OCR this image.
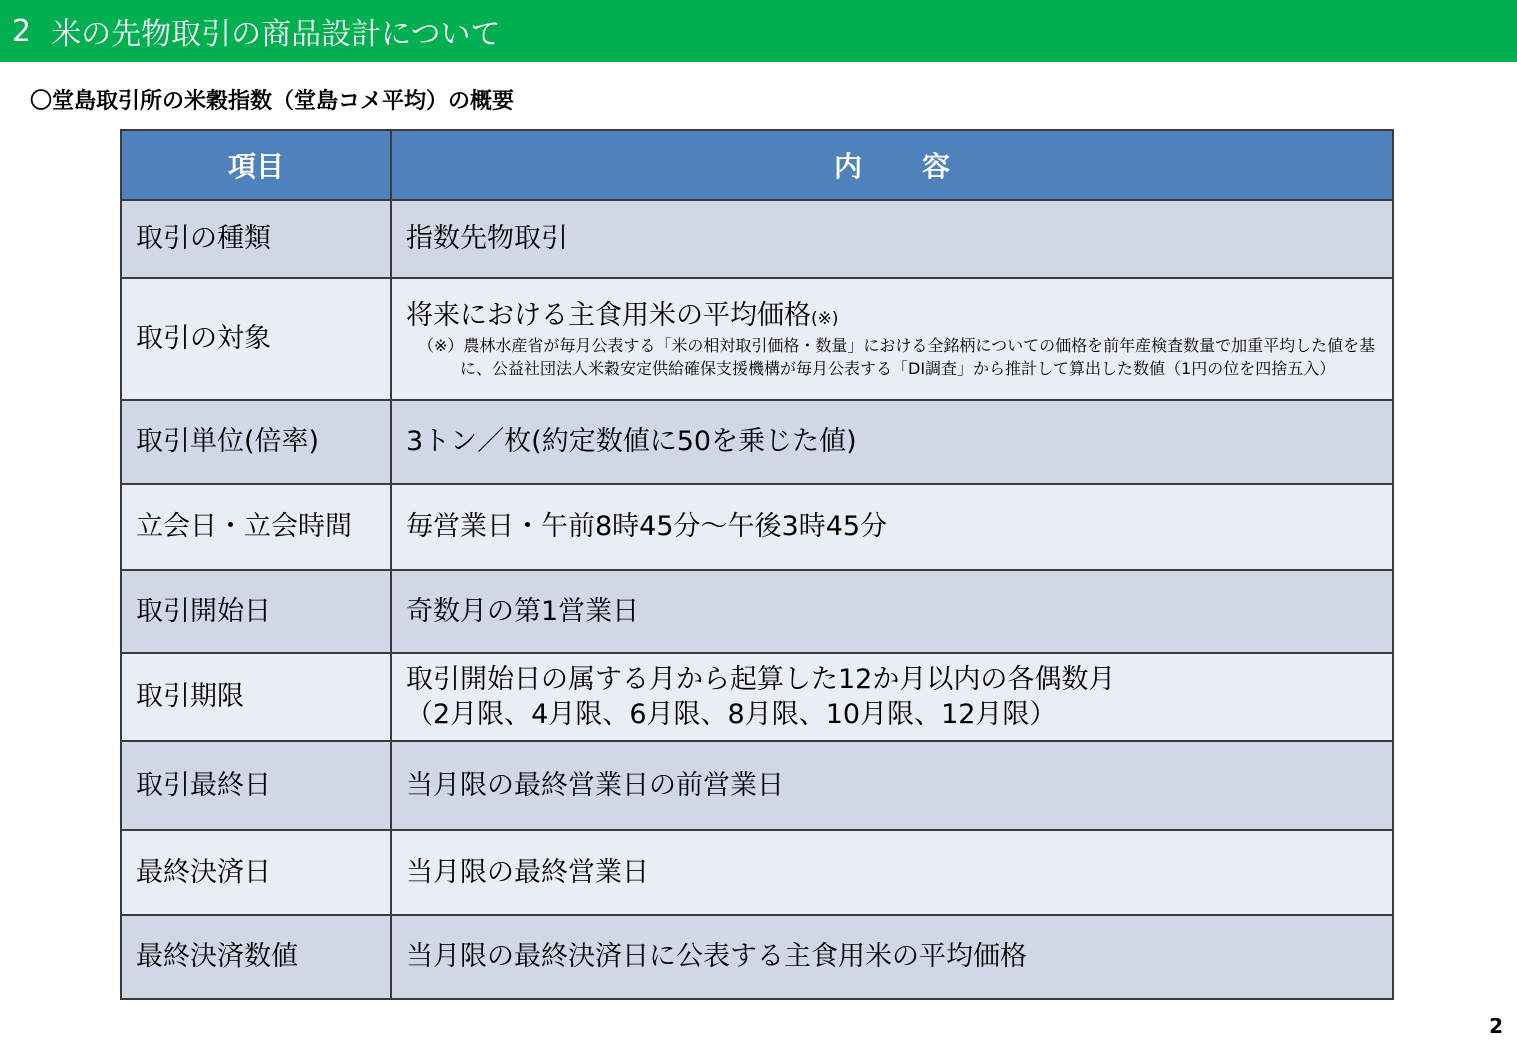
2 米の先物取引の商品設計について
〇堂島取引所の米穀指数（堂島コメ平均）の概要
項目	内容
取引の種類	指数先物取引
取引の対象	将来における主食用米の平均価格(※)
（※）農林水産省が毎月公表する「米の相対取引価格・数量」における全銘柄についての価格を前年産検査数量で加重平均した値を基に、公益社団法人米穀安定供給確保支援機構が毎月公表する「DI調査」から推計して算出した数値（1円の位を四捨五入）

取引単位(倍率)	3トン／枚(約定数値に50を乗じた値)
立会日・立会時間	毎営業日・午前8時45分～午後3時45分
取引開始日	奇数月の第1営業日
取引期限	取引開始日の属する月から起算した12か月以内の各偶数月
（2月限、4月限、6月限、8月限、10月限、12月限）

取引最終日	当月限の最終営業日の前営業日
最終決済日	当月限の最終営業日
最終決済数値	当月限の最終決済日に公表する主食用米の平均価格
2
